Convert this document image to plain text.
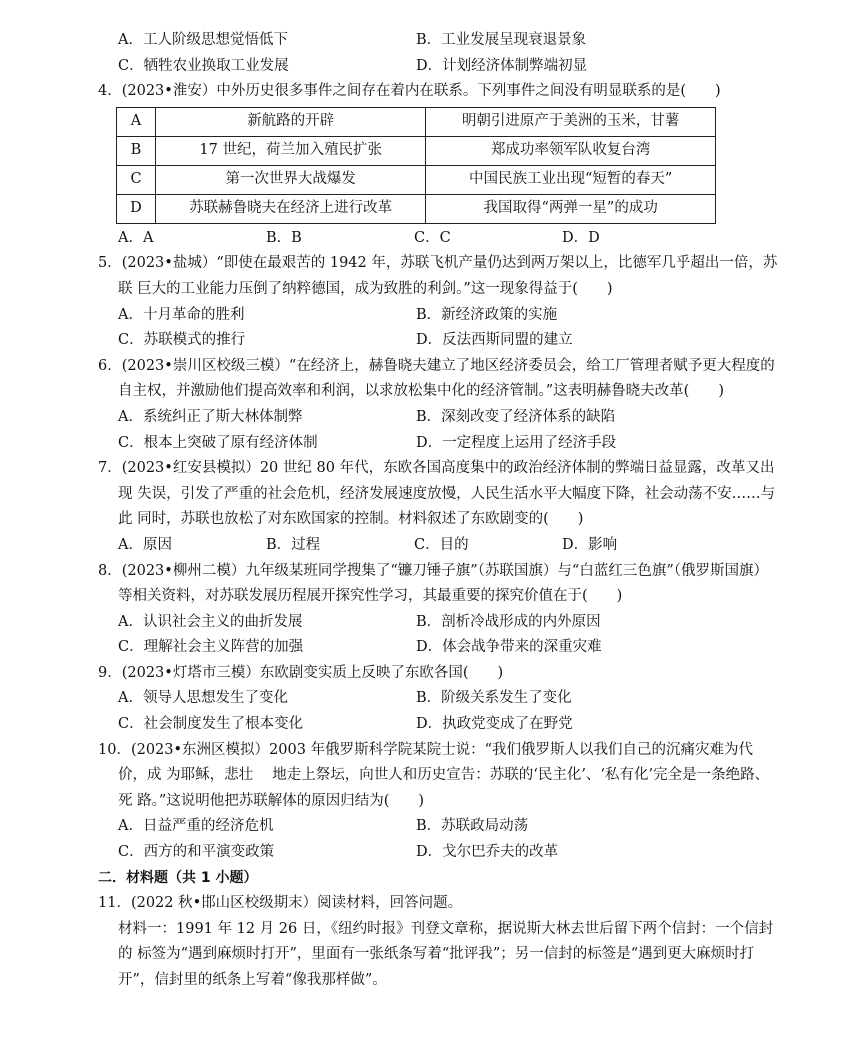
A．工人阶级思想觉悟低下	B．工业发展呈现衰退景象
C．牺牲农业换取工业发展	D．计划经济体制弊端初显
4．(2023•淮安）中外历史很多事件之间存在着内在联系。下列事件之间没有明显联系的是(　　)
A	新航路的开辟	明朝引进原产于美洲的玉米，甘薯
B	17 世纪，荷兰加入殖民扩张	郑成功率领军队收复台湾
C	第一次世界大战爆发	中国民族工业出现“短暂的春天”
D	苏联赫鲁晓夫在经济上进行改革	我国取得“两弹一星”的成功
A．A	B．B	C．C	D．D
5．(2023•盐城）“即使在最艰苦的 1942 年，苏联飞机产量仍达到两万架以上，比德军几乎超出一倍，苏联 巨大的工业能力压倒了纳粹德国，成为致胜的利剑。”这一现象得益于(　　)
A．十月革命的胜利	B．新经济政策的实施
C．苏联模式的推行	D．反法西斯同盟的建立
6．(2023•崇川区校级三模）“在经济上，赫鲁晓夫建立了地区经济委员会，给工厂管理者赋予更大程度的 自主权，并激励他们提高效率和利润，以求放松集中化的经济管制。”这表明赫鲁晓夫改革(　　)
A．系统纠正了斯大林体制弊	B．深刻改变了经济体系的缺陷
C．根本上突破了原有经济体制	D．一定程度上运用了经济手段
7．(2023•红安县模拟）20 世纪 80 年代，东欧各国高度集中的政治经济体制的弊端日益显露，改革又出现 失误，引发了严重的社会危机，经济发展速度放慢，人民生活水平大幅度下降，社会动荡不安……与此 同时，苏联也放松了对东欧国家的控制。材料叙述了东欧剧变的(　　)
A．原因	B．过程	C．目的	D．影响
8．(2023•柳州二模）九年级某班同学搜集了“镰刀锤子旗”（苏联国旗）与“白蓝红三色旗”（俄罗斯国旗） 等相关资料，对苏联发展历程展开探究性学习，其最重要的探究价值在于(　　)
A．认识社会主义的曲折发展	B．剖析冷战形成的内外原因
C．理解社会主义阵营的加强	D．体会战争带来的深重灾难
9．(2023•灯塔市三模）东欧剧变实质上反映了东欧各国(　　)
A．领导人思想发生了变化	B．阶级关系发生了变化
C．社会制度发生了根本变化	D．执政党变成了在野党
10．(2023•东洲区模拟）2003 年俄罗斯科学院某院士说：“我们俄罗斯人以我们自己的沉痛灾难为代价，成 为耶稣，悲壮　 地走上祭坛，向世人和历史宣告：苏联的‘民主化’、‘私有化’完全是一条绝路、死 路。”这说明他把苏联解体的原因归结为(　　)
A．日益严重的经济危机	B．苏联政局动荡
C．西方的和平演变政策	D．戈尔巴乔夫的改革
二．材料题（共 1 小题）
11．(2022 秋•邯山区校级期末）阅读材料，回答问题。

材料一：1991 年 12 月 26 日，《纽约时报》刊登文章称，据说斯大林去世后留下两个信封：一个信封的 标签为“遇到麻烦时打开”，里面有一张纸条写着“批评我”；另一信封的标签是“遇到更大麻烦时打 开”，信封里的纸条上写着“像我那样做”。
